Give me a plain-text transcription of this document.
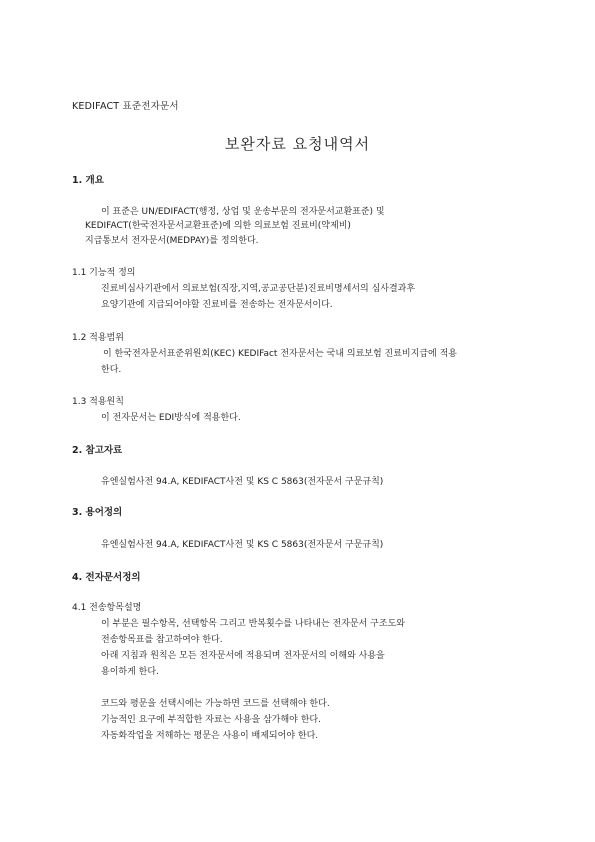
KEDIFACT 표준전자문서
보완자료 요청내역서
1. 개요
이 표준은 UN/EDIFACT(행정, 상업 및 운송부문의 전자문서교환표준) 및
KEDIFACT(한국전자문서교환표준)에 의한 의료보험 진료비(약제비)
지급통보서 전자문서(MEDPAY)를 정의한다.
1.1 기능적 정의
진료비심사기관에서 의료보험(직장,지역,공교공단분)진료비명세서의 심사결과후
요양기관에 지급되어야할 진료비를 전송하는 전자문서이다.
1.2 적용범위
이 한국전자문서표준위원회(KEC) KEDIFact 전자문서는 국내 의료보험 진료비지급에 적용
한다.
1.3 적용원칙
이 전자문서는 EDI방식에 적용한다.
2. 참고자료
유엔실험사전 94.A, KEDIFACT사전 및 KS C 5863(전자문서 구문규칙)
3. 용어정의
유엔실험사전 94.A, KEDIFACT사전 및 KS C 5863(전자문서 구문규칙)
4. 전자문서정의
4.1 전송항목설명
이 부분은 필수항목, 선택항목 그리고 반복횟수를 나타내는 전자문서 구조도와
전송항목표를 참고하여야 한다.
아래 지침과 원칙은 모든 전자문서에 적용되며 전자문서의 이해와 사용을
용이하게 한다.
코드와 평문을 선택시에는 가능하면 코드를 선택해야 한다.
기능적인 요구에 부적합한 자료는 사용을 삼가해야 한다.
자동화작업을 저해하는 평문은 사용이 배제되어야 한다.
